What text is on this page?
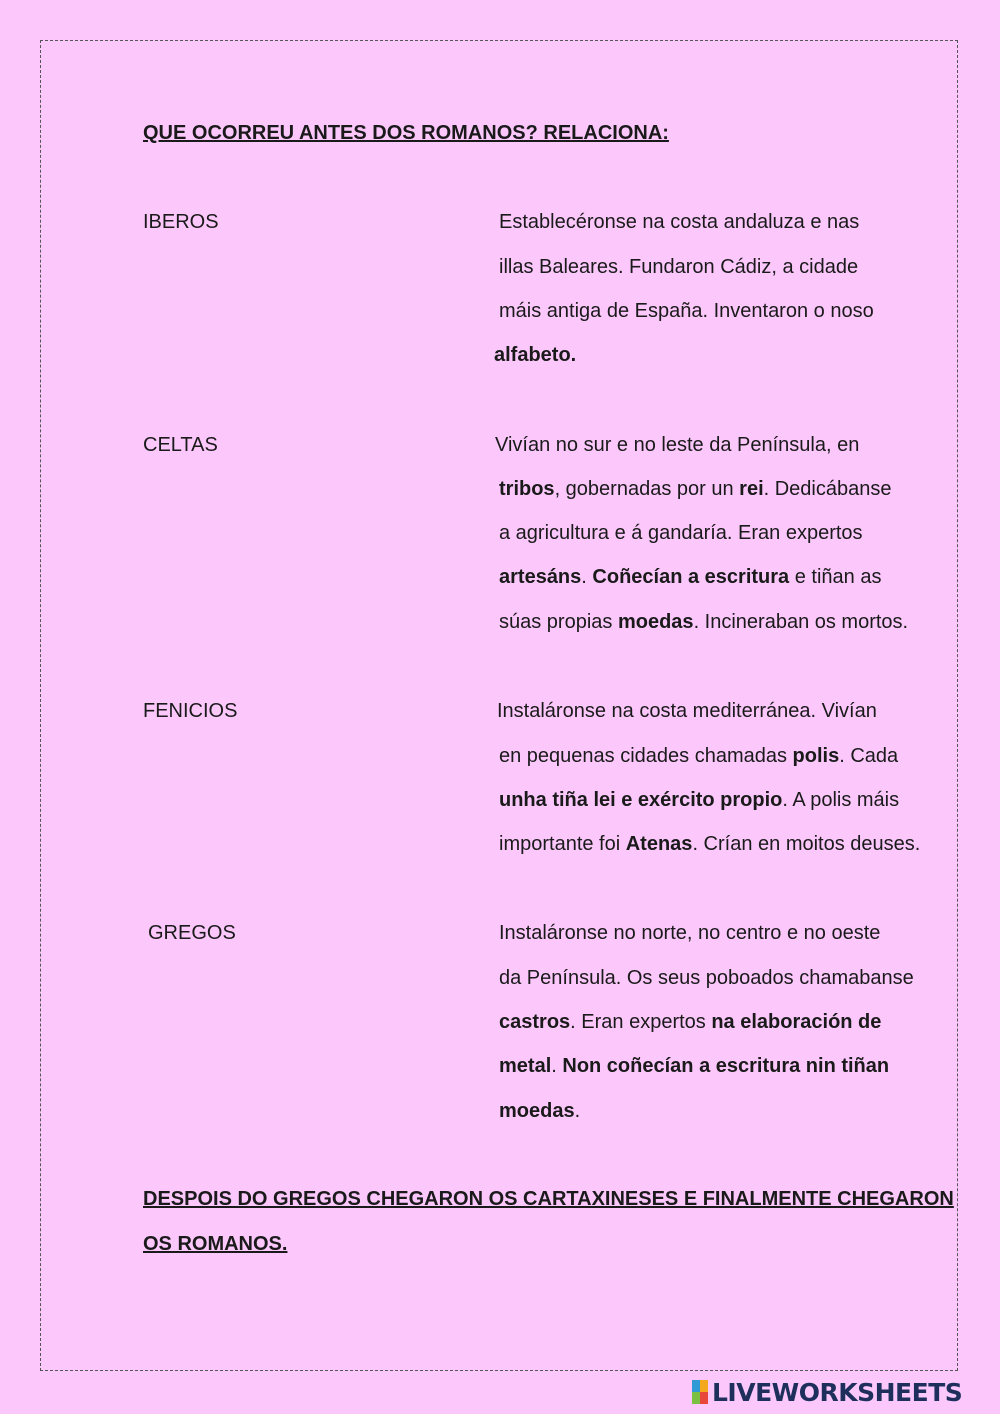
QUE OCORREU ANTES DOS ROMANOS? RELACIONA:
IBEROS
CELTAS
FENICIOS
GREGOS
Establecéronse na costa andaluza e nas
illas Baleares. Fundaron Cádiz, a cidade
máis antiga de España. Inventaron o noso
alfabeto.
Vivían no sur e no leste da Península, en
tribos, gobernadas por un rei. Dedicábanse
a agricultura e á gandaría. Eran expertos
artesáns. Coñecían a escritura e tiñan as
súas propias moedas. Incineraban os mortos.
Instaláronse na costa mediterránea. Vivían
en pequenas cidades chamadas polis. Cada
unha tiña lei e exército propio. A polis máis
importante foi Atenas. Crían en moitos deuses.
Instaláronse no norte, no centro e no oeste
da Península. Os seus poboados chamabanse
castros. Eran expertos na elaboración de
metal. Non coñecían a escritura nin tiñan
moedas.
DESPOIS DO GREGOS CHEGARON OS CARTAXINESES E FINALMENTE CHEGARON
OS ROMANOS.
LIVEWORKSHEETS
